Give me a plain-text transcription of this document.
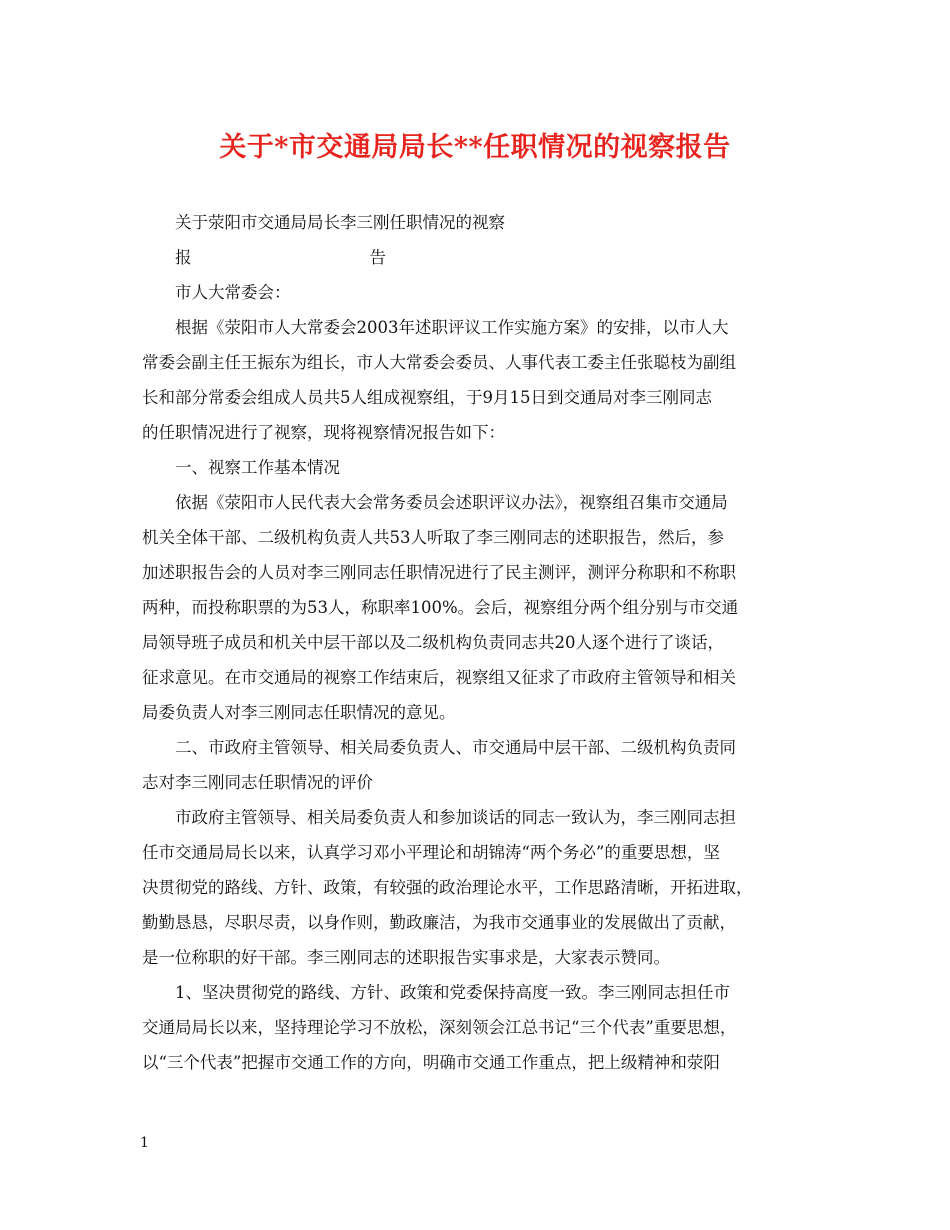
关于*市交通局局长**任职情况的视察报告
关于荥阳市交通局局长李三刚任职情况的视察
报	告
市人大常委会：
根据《荥阳市人大常委会2003年述职评议工作实施方案》的安排，以市人大
常委会副主任王振东为组长，市人大常委会委员、人事代表工委主任张聪枝为副组
长和部分常委会组成人员共5人组成视察组，于9月15日到交通局对李三刚同志
的任职情况进行了视察，现将视察情况报告如下：
一、视察工作基本情况
依据《荥阳市人民代表大会常务委员会述职评议办法》，视察组召集市交通局
机关全体干部、二级机构负责人共53人听取了李三刚同志的述职报告，然后，参
加述职报告会的人员对李三刚同志任职情况进行了民主测评，测评分称职和不称职
两种，而投称职票的为53人，称职率100%。会后，视察组分两个组分别与市交通
局领导班子成员和机关中层干部以及二级机构负责同志共20人逐个进行了谈话，
征求意见。在市交通局的视察工作结束后，视察组又征求了市政府主管领导和相关
局委负责人对李三刚同志任职情况的意见。
二、市政府主管领导、相关局委负责人、市交通局中层干部、二级机构负责同
志对李三刚同志任职情况的评价
市政府主管领导、相关局委负责人和参加谈话的同志一致认为，李三刚同志担
任市交通局局长以来，认真学习邓小平理论和胡锦涛“两个务必”的重要思想，坚
决贯彻党的路线、方针、政策，有较强的政治理论水平，工作思路清晰，开拓进取，
勤勤恳恳，尽职尽责，以身作则，勤政廉洁，为我市交通事业的发展做出了贡献，
是一位称职的好干部。李三刚同志的述职报告实事求是，大家表示赞同。
1、坚决贯彻党的路线、方针、政策和党委保持高度一致。李三刚同志担任市
交通局局长以来，坚持理论学习不放松，深刻领会江总书记“三个代表”重要思想，
以“三个代表”把握市交通工作的方向，明确市交通工作重点，把上级精神和荥阳
1
